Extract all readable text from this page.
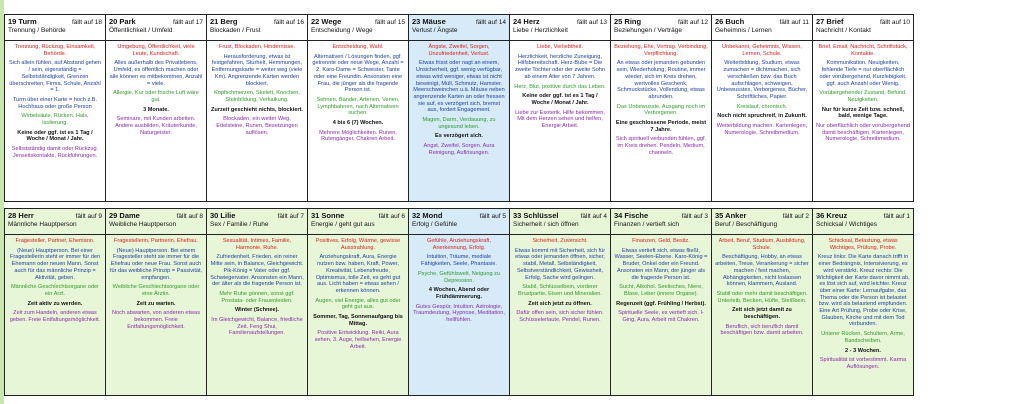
19 Turm	fällt auf 18
Trennung / Behörde

Trennung, Rückzug, Einsamkeit, Behörde.

Sich allein fühlen, auf Abstand gehen / sein, eigenständig = Selbstständigkeit, Grenzen überschreiten, Firma, Schule, Anzahl = 1.

Turm über einer Karte = hoch z.B. Hochhaus oder große Person

Wirbelsäule, Rücken, Hals, Isolierung.

Keine oder ggf. ist es 1 Tag / Woche / Monat / Jahr.

Selbstständig damit oder Rückzug. Jenseitskontakte, Rückführungen.

20 Park	fällt auf 17
Öffentlichkeit / Umfeld

Umgebung, Öffentlichkeit, viele Leute, Kundschaft.

Alles außerhalb des Privatlebens, Umfeld, es öffentlich machen oder alle können es mitbekommen, Anzahl = viele.

Allergie, Kur oder frische Luft wäre gut.

3 Monate.

Seminare, mit Kunden arbeiten. Andere ausbilden, Kräuterkunde, Naturgeister.

21 Berg	fällt auf 16
Blockaden / Frust

Frust, Blockaden, Hindernisse.

Herausforderung, etwas ist festgefahren, Sturheit, Hemmungen, Entfernungskarte = weiter weg (viele Km). Angrenzende Karten werden blockiert.

Kopfschmerzen, Skelett, Knochen, Steinbildung, Verkalkung.

Zurzeit geschieht nichts, blockiert.

Blockaden, ein weiter Weg, Edelsteine, Runen, Besetzungen auflösen.

22 Wege	fällt auf 15
Entscheidung / Wege

Entscheidung, Wahl.

Alternativen / Lösungen finden, ggf. getrennte oder neue Wege, Anzahl = 2. Karo-Dame = Schwester, Tante oder eine Freundin. Ansonsten eine Frau, die jünger als die fragende Person ist.

Sehnen, Bänder, Arterien, Venen, Lymphbahnen, nach Alternativen suchen.

4 bis 6 (7) Wochen.

Mehrere Möglichkeiten. Runen, Rutengänger, Chakren Arbeit.

23 Mäuse	fällt auf 14
Verlust / Ängste

Ängste, Zweifel, Sorgen, Unzufriedenheit, Verlust.

Etwas frisst oder nagt an einem, Unsicherheit, ggf. wenig verfügbar, etwas wird weniger, etwas ist nicht beseinigt, Müll, Schmutz, Hamster. Meerschweinchen u.ä. Mäuse neben angrenzende Karten an oder fressen sie auf, es verzögert sich, bremst aus, fordert Engagement.

Magen, Darm, Verdauung, zu ungesund leben.

Es verzögert sich.

Angst, Zweifel, Sorgen. Aura Reinigung, Auflösungen.

24 Herz	fällt auf 13
Liebe / Herzlichkeit

Liebe, Verliebtheit.

Herzlichkeit, herzliche Zuneigung, Hilfsbereitschaft. Herz-Bube = Die zweite Tochter oder der zweite Sohn ab einem Alter von 7 Jahren.

Herz, Blut, positive durch das Leben.

Keine oder ggf. ist es 1 Tag / Woche / Monat / Jahr.

Liebe zur Esoterik, Hilfe bekommen, Mit dem Herzen sehen und helfen, Energie Arbeit.

25 Ring	fällt auf 12
Beziehungen / Verträge

Beziehung, Ehe, Vertrag. Verbindung, Verpflichtung.

An etwas oder jemanden gebunden sein, Wiederholung, Routine, immer wieder, sich im Kreis drehen, wertvolles Geschenk, Schmuckstücke, Vollendung, etwas abrunden.

Das Unbewusste, Ausgang noch im Verborgenen.

Eine geschlossene Periode, meist 7 Jahre.

Sich spirituell verbunden fühlen, ggf. im Kreis drehen. Pendeln, Medium, channeln.

26 Buch	fällt auf 11
Geheimnis / Lernen

Unbekannt, Geheimnis, Wissen, Lernen, Schule.

Weiterbildung, Studium, etwas zumachen = dichtmachen, sich verschließen bzw. das Buch aufschlagen, schweigen, Unbewusstes, Verborgenes, Bücher, Schriftliches, Papier.

Kreislauf, chronisch.

Noch nicht spruchreif, in Zukunft.

Weiterbildung machen. Kartenlegen, Numerologie, Schreibmedium.

27 Brief	fällt auf 10
Nachricht / Kontakt

Brief, Email, Nachricht, Schriftstück, Kontakte.

Kommunikation, Neuigkeiten, fehlende Tiefe = nur oberflächlich oder vorübergehend, Kurzlebigkeit, ggf. auch Anzahl oder Wenig.

Vorübergehender Zustand, Befund, Neuigkeiten.

Nur für kurze Zeit bzw. schnell, bald, wenige Tage.

Nur oberflächlich oder vorübergehend damit beschäftigen. Kartenlegen, Numerologie, Schreibmedium.

28 Herr	fällt auf 9
Männliche Hauptperson

Fragesteller, Partner, Ehemann.

(Neue) Hauptperson. Bei einer Fragestellerin steht er immer für den Ehemann oder neuen Mann. Sonst auch für das männliche Prinzip = Aktivität, geben.

Männliche Geschlechtsorgane oder ein Arzt.

Zeit aktiv zu werden.

Zeit zum Handeln, anderen etwas geben. Freie Entfaltungsmöglichkeit.

29 Dame	fällt auf 8
Weibliche Hauptperson

Fragestellerin, Partnerin, Ehefrau.

(Neue) Hauptperson. Bei einem Fragesteller steht sie immer für die Ehefrau oder neue Frau. Sonst auch für das weibliche Prinzip = Passivität, empfangen.

Weibliche Geschlechtsorgane oder eine Ärztin.

Zeit zu warten.

Noch abwarten, von anderen etwas bekommen. Freie Entfaltungsmöglichkeit.

30 Lilie	fällt auf 7
Sex / Familie / Ruhe

Sexualität, Intimes, Familie, Harmonie, Ruhe.

Zufriedenheit, Frieden, ein reiner Mitte sein, in Balance, Gleichgewicht. Pik-König = Vater oder ggf. Schwiegervater. Ansonsten ein Mann, der älter als die fragende Person ist.

Mehr Ruhe gönnen, sonst ggf. Prostata- oder Frauenleiden.

Winter (Schnee).

Im Gleichgewicht, Balance, friedliche Zeit. Feng Shui, Familienaufstellungen.

31 Sonne	fällt auf 6
Energie / geht gut aus

Positives, Erfolg, Wärme, gewisse Ausstrahlung.

Anziehungskraft, Aura, Energie nutzen bzw. haben, Kraft, Power, Kreativität, Lebensfreude, Optimismus, tolle Zeit, es geht gut aus. Licht haben = etwas sehen / erkennen können.

Augen, viel Energie, alles gut oder geht gut aus.

Sommer, Tag, Sonnenaufgang bis Mittag.

Positive Entwicklung. Reiki, Aura sehen, 3. Auge, hellsehen, Energie Arbeit.

32 Mond	fällt auf 5
Erfolg / Gefühle

Gefühle, Anziehungskraft, Anerkennung, Erfolg.

Intuition, Träume, mediale Fähigkeiten, Seele, Phantasie.

Psyche, Gefühlswelt, Neigung zu Depression.

4 Wochen, Abend oder Frühdämmerung.

Gutes Gespür, Intuition. Astrologie, Traumdeutung, Hypnose, Meditation, hellfühlen.

33 Schlüssel	fällt auf 4
Sicherheit / sich öffnen

Sicherheit, Zuversicht.

Etwas kommt mit Sicherheit, sich für etwas oder jemanden öffnen, sicher, stabil, Metall, Selbständigkeit, Selbstverständlichkeit, Gewissheit, Erfolg, Sache wird gelingen.

Stabil, Schlüsselbein, vorderer Brustpartie, Eisen und Mineralien.

Zeit sich jetzt zu öffnen.

Dafür offen sein, sich sicher fühlen. Schüsselerlaute, Pendel, Runen.

34 Fische	fällt auf 3
Finanzen / vertieft sich

Finanzen, Geld, Besitz.

Etwas vertieft sich, etwas fließt, Wasser, Seelen-Ebene. Karo-König = Bruder, Onkel oder ein Freund. Ansonsten ein Mann, der jünger als die fragende Person ist.

Sucht, Alkohol. Seelisches, Niere, Blase, Leber (innere Organe).

Regenzeit (ggf. Frühling / Herbst).

Spirituelle Seele, es vertieft sich. I-Ging, Aura, Arbeit mit Chakren.

35 Anker	fällt auf 2
Beruf / Beschäftigung

Arbeit, Beruf, Studium, Ausbildung, Schule.

Beschäftigung, Hobby, an etwas arbeiten, Treue, Verankerung = sicher machen / fest machen, Abhängigkeiten, nicht loslassen können, klammern, Ausland.

Stabil oder mehr damit beschäftigen. Unterleib, Becken, Hüfte, Steißbein.

Zeit sich jetzt damit zu beschäftigen.

Beruflich, sich beruflich damit beschäftigen bzw. damit arbeiten.

36 Kreuz	fällt auf 1
Schicksal / Wichtiges

Schicksal, Belastung, etwas Wichtiges, Prüfung, Probe.

Kreuz links: Die Karte danach trifft in einer Bedrängnis, Intensivierung, es wird verstärkt. Kreuz rechts: Die Wichtigkeit der Karte davor nimmt ab, es löst sich auf, wird leichter. Kreuz über einer Karte: Lernaufgabe, das Thema oder die Person ist belastet bzw. wird als belastend empfunden. Eine Art Prüfung, Probe oder Krise, Glauben, Kirche und mit dem Tod verbunden.

Unterer Rücken, Schultern, Arme, Bandscheiben.

2 - 3 Wochen.

Spiritualität ist vorbestimmt. Karma Auflösungen.
